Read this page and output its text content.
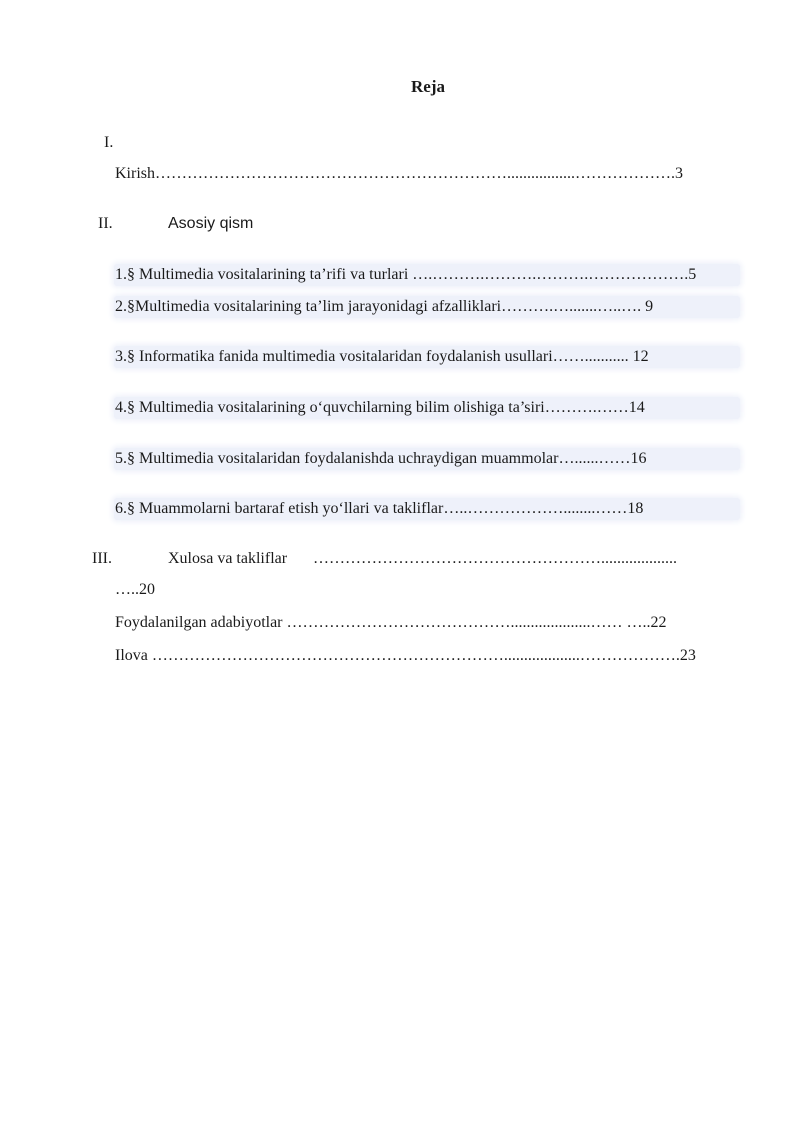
Reja
I.
Kirish………………………………………………………….................……………….3
II.	Asosiy qism
1.§ Multimedia vositalarining ta’rifi va turlari ….……….……….……….……………….5
2.§Multimedia vositalarining ta’lim jarayonidagi afzalliklari……….….......…..…. 9
3.§ Informatika fanida multimedia vositalaridan foydalanish usullari……........... 12
4.§ Multimedia vositalarining o‘quvchilarning bilim olishiga ta’siri……….……14
5.§ Multimedia vositalaridan foydalanishda uchraydigan muammolar…......……16
6.§ Muammolarni bartaraf etish yo‘llari va takliflar…..………………........……18
III.	Xulosa va takliflar ………………………………………………...................
…..20
Foydalanilgan adabiyotlar ……………………………………....................…… …..22
Ilova …………………………………………………………...................……………….23
